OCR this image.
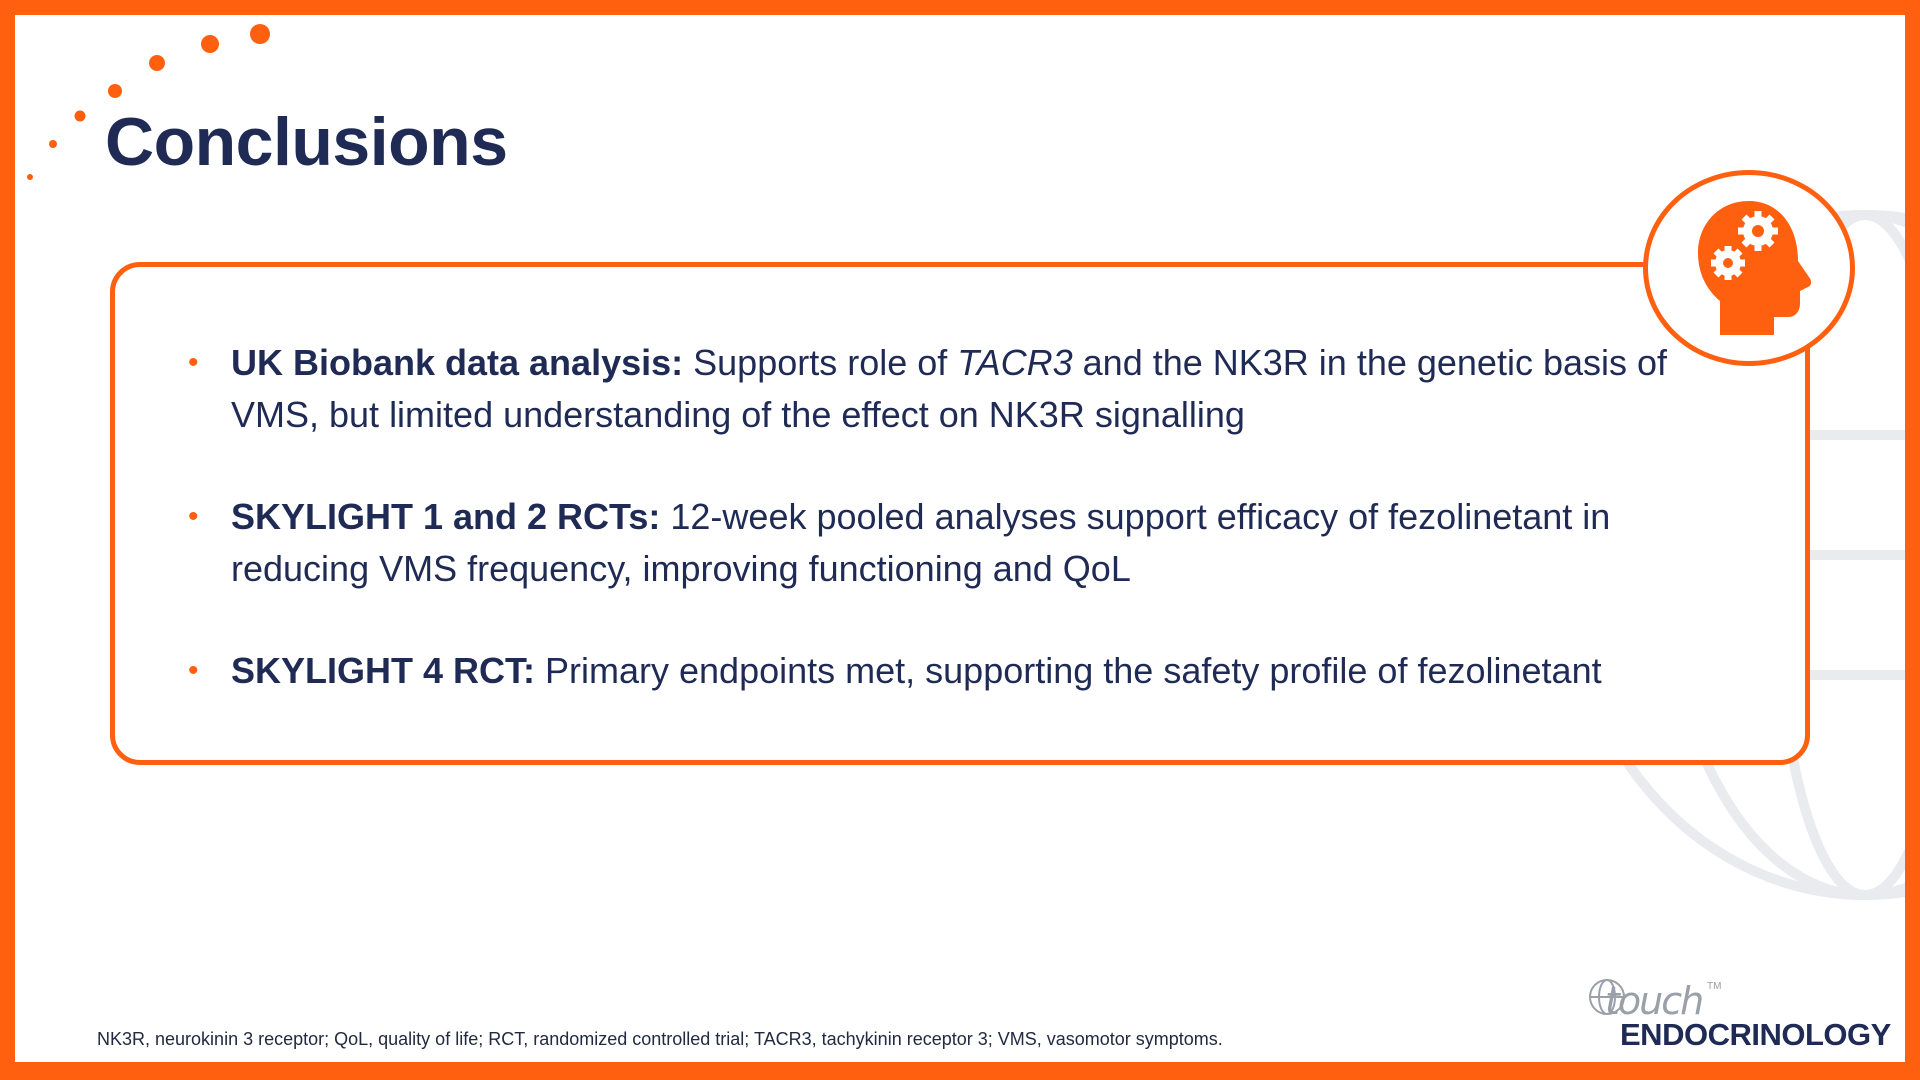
Conclusions
• UK Biobank data analysis: Supports role of TACR3 and the NK3R in the genetic basis of VMS, but limited understanding of the effect on NK3R signalling
• SKYLIGHT 1 and 2 RCTs: 12-week pooled analyses support efficacy of fezolinetant in reducing VMS frequency, improving functioning and QoL
• SKYLIGHT 4 RCT: Primary endpoints met, supporting the safety profile of fezolinetant
NK3R, neurokinin 3 receptor; QoL, quality of life; RCT, randomized controlled trial; TACR3, tachykinin receptor 3; VMS, vasomotor symptoms.
touch TM
ENDOCRINOLOGY
